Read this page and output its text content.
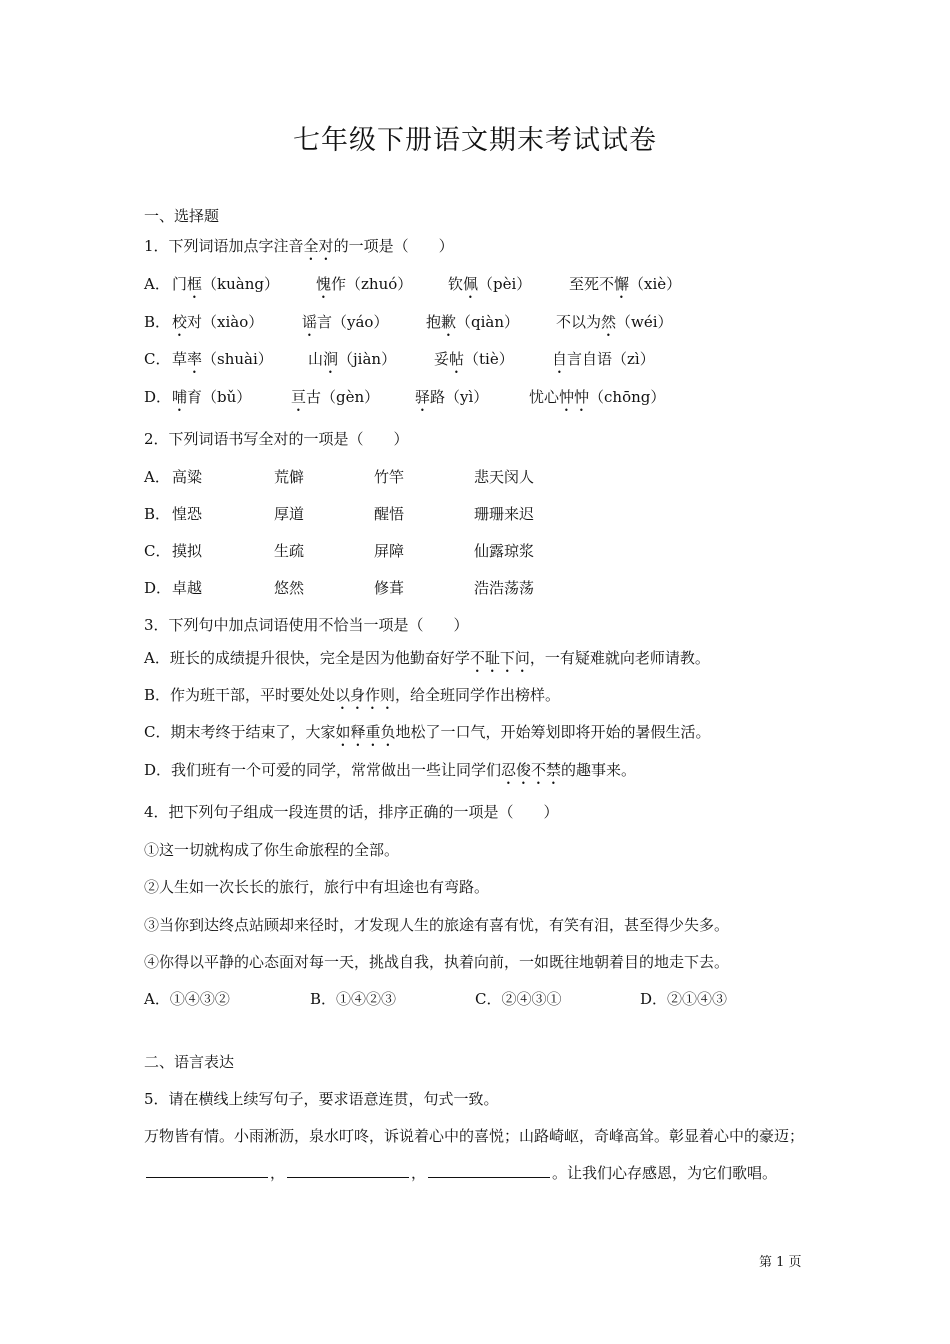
七年级下册语文期末考试试卷
一、选择题
1．下列词语加点字注音全对的一项是（　　）
A． 门框（kuàng） 愧作（zhuó） 钦佩（pèi）	至死不懈（xiè）
B． 校对（xiào）	谣言（yáo）	抱歉（qiàn） 不以为然（wéi）
C． 草率（shuài） 山涧（jiàn）	妥帖（tiè）	自言自语（zì）
D． 哺育（bǔ）	亘古（gèn） 驿路（yì）	忧心忡忡（chōng）
2．下列词语书写全对的一项是（　　）
A． 高粱	荒僻	竹竿	悲天闵人
B． 惶恐	厚道	醒悟	珊珊来迟
C． 摸拟	生疏	屏障	仙露琼浆
D． 卓越	悠然	修葺	浩浩荡荡
3．下列句中加点词语使用不恰当一项是（　　）
A．班长的成绩提升很快，完全是因为他勤奋好学不耻下问，一有疑难就向老师请教。
B．作为班干部，平时要处处以身作则，给全班同学作出榜样。
C．期末考终于结束了，大家如释重负地松了一口气，开始筹划即将开始的暑假生活。
D．我们班有一个可爱的同学，常常做出一些让同学们忍俊不禁的趣事来。
4．把下列句子组成一段连贯的话，排序正确的一项是（　　）
①这一切就构成了你生命旅程的全部。
②人生如一次长长的旅行，旅行中有坦途也有弯路。
③当你到达终点站顾却来径时，才发现人生的旅途有喜有忧，有笑有泪，甚至得少失多。
④你得以平静的心态面对每一天，挑战自我，执着向前，一如既往地朝着目的地走下去。
A．①④③②	B．①④②③	C．②④③①	D．②①④③
二、语言表达
5．请在横线上续写句子，要求语意连贯，句式一致。
万物皆有情。小雨淅沥，泉水叮咚，诉说着心中的喜悦；山路崎岖，奇峰高耸。彰显着心中的豪迈；，	，	。让我们心存感恩，为它们歌唱。
第 1 页
